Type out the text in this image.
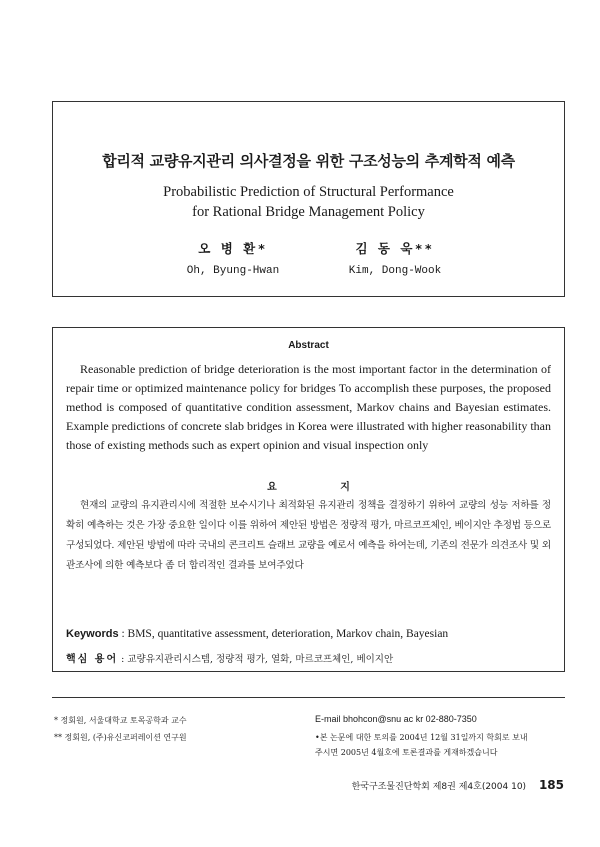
합리적 교량유지관리 의사결정을 위한 구조성능의 추계학적 예측
Probabilistic Prediction of Structural Performance
for Rational Bridge Management Policy
오 병 환*
Oh, Byung-Hwan
김 동 욱**
Kim, Dong-Wook
Abstract
Reasonable prediction of bridge deterioration is the most important factor in the determination of repair time or optimized maintenance policy for bridges To accomplish these purposes, the proposed method is composed of quantitative condition assessment, Markov chains and Bayesian estimates. Example predictions of concrete slab bridges in Korea were illustrated with higher reasonability than those of existing methods such as expert opinion and visual inspection only
요 지
현재의 교량의 유지관리시에 적절한 보수시기나 최적화된 유지관리 정책을 결정하기 위하여 교량의 성능 저하를 정확히 예측하는 것은 가장 중요한 일이다 이를 위하여 제안된 방법은 정량적 평가, 마르코프체인, 베이지안 추정법 등으로 구성되었다. 제안된 방법에 따라 국내의 콘크리트 슬래브 교량을 예로서 예측을 하여는데, 기존의 전문가 의견조사 및 외관조사에 의한 예측보다 좀 더 합리적인 결과를 보여주었다
Keywords : BMS, quantitative assessment, deterioration, Markov chain, Bayesian
핵심 용어 : 교량유지관리시스템, 정량적 평가, 열화, 마르코프체인, 베이지안
* 정회원, 서울대학교 토목공학과 교수
** 정회원, (주)유신코퍼레이션 연구원
E-mail bhohcon@snu ac kr 02-880-7350
•본 논문에 대한 토의를 2004년 12월 31일까지 학회로 보내
주시면 2005년 4월호에 토론결과를 게재하겠습니다
한국구조물진단학회 제8권 제4호(2004 10) 185
